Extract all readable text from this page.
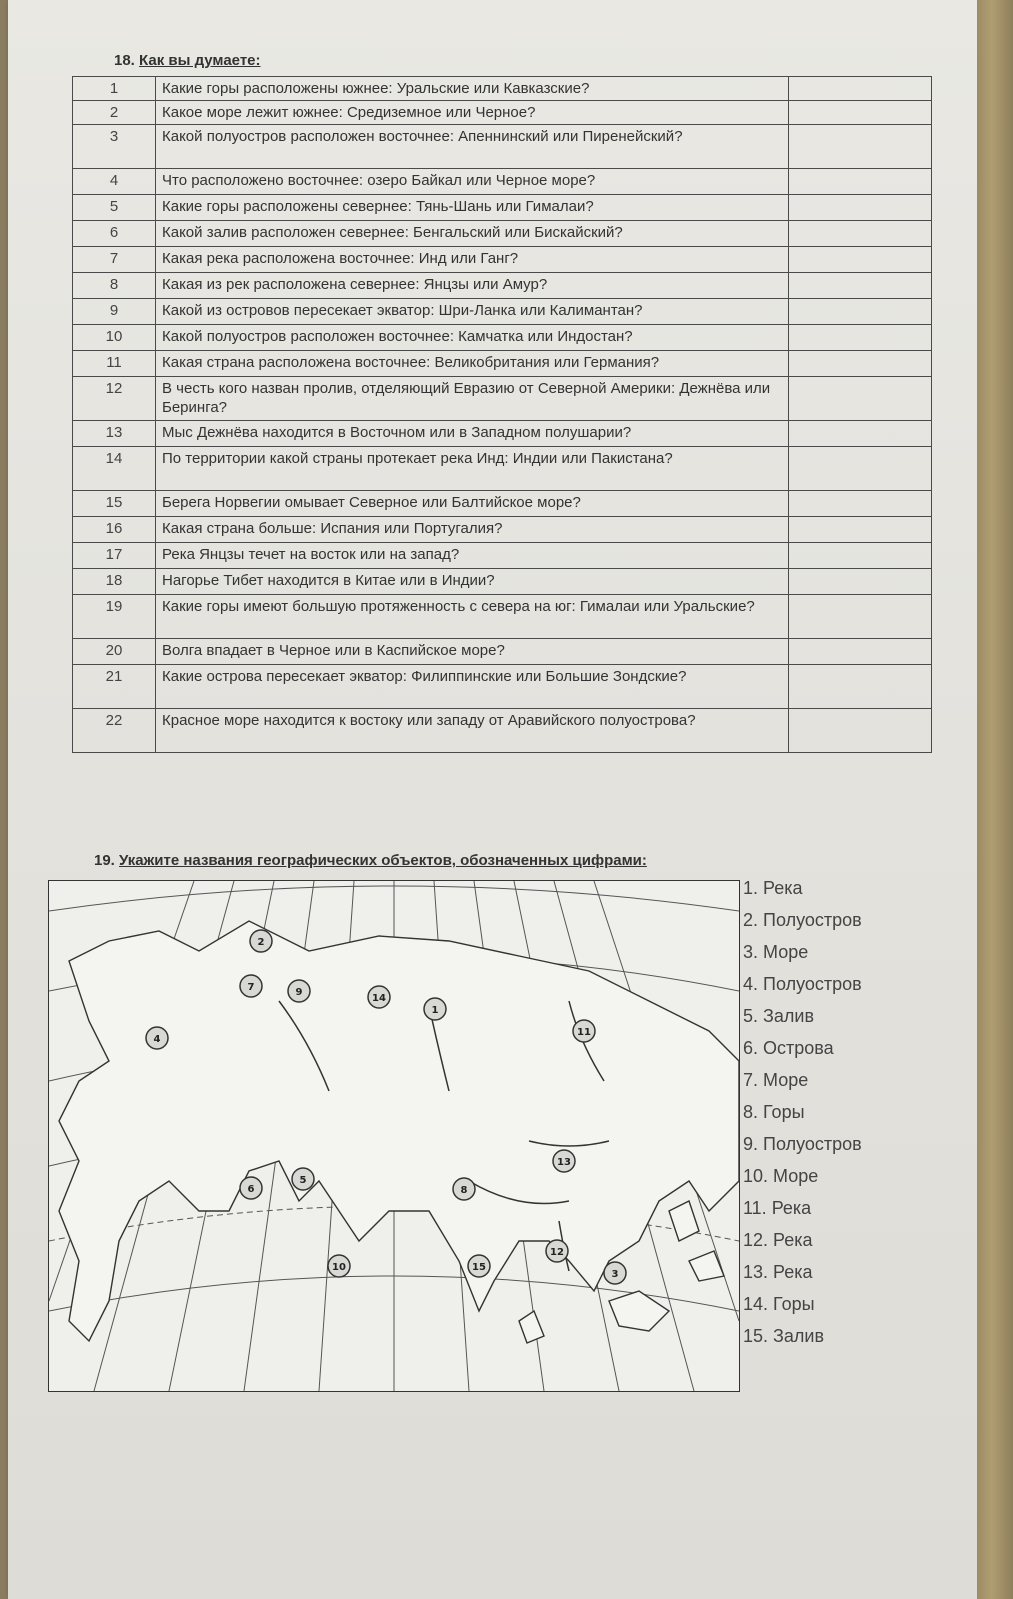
18. Как вы думаете:
1	Какие горы расположены южнее: Уральские или Кавказские?	
2	Какое море лежит южнее: Средиземное или Черное?	
3	Какой полуостров расположен восточнее: Апеннинский или Пиренейский?	
4	Что расположено восточнее: озеро Байкал или Черное море?	
5	Какие горы расположены севернее: Тянь-Шань или Гималаи?	
6	Какой залив расположен севернее: Бенгальский или Бискайский?	
7	Какая река расположена восточнее: Инд или Ганг?	
8	Какая из рек расположена севернее: Янцзы или Амур?	
9	Какой из островов пересекает экватор: Шри-Ланка или Калимантан?	
10	Какой полуостров расположен восточнее: Камчатка или Индостан?	
11	Какая страна расположена восточнее: Великобритания или Германия?	
12	В честь кого назван пролив, отделяющий Евразию от Северной Америки: Дежнёва или Беринга?	
13	Мыс Дежнёва находится в Восточном или в Западном полушарии?	
14	По территории какой страны протекает река Инд: Индии или Пакистана?	
15	Берега Норвегии омывает Северное или Балтийское море?	
16	Какая страна больше: Испания или Португалия?	
17	Река Янцзы течет на восток или на запад?	
18	Нагорье Тибет находится в Китае или в Индии?	
19	Какие горы имеют большую протяженность с севера на юг: Гималаи или Уральские?	
20	Волга впадает в Черное или в Каспийское море?	
21	Какие острова пересекает экватор: Филиппинские или Большие Зондские?	
22	Красное море находится к востоку или западу от Аравийского полуострова?	
19. Укажите названия географических объектов, обозначенных цифрами:
1
2
3
4
5
6
7
8
9
10
11
12
13
14
15
1. Река
2. Полуостров
3. Море
4. Полуостров
5. Залив
6. Острова
7. Море
8. Горы
9. Полуостров
10. Море
11. Река
12. Река
13. Река
14. Горы
15. Залив
